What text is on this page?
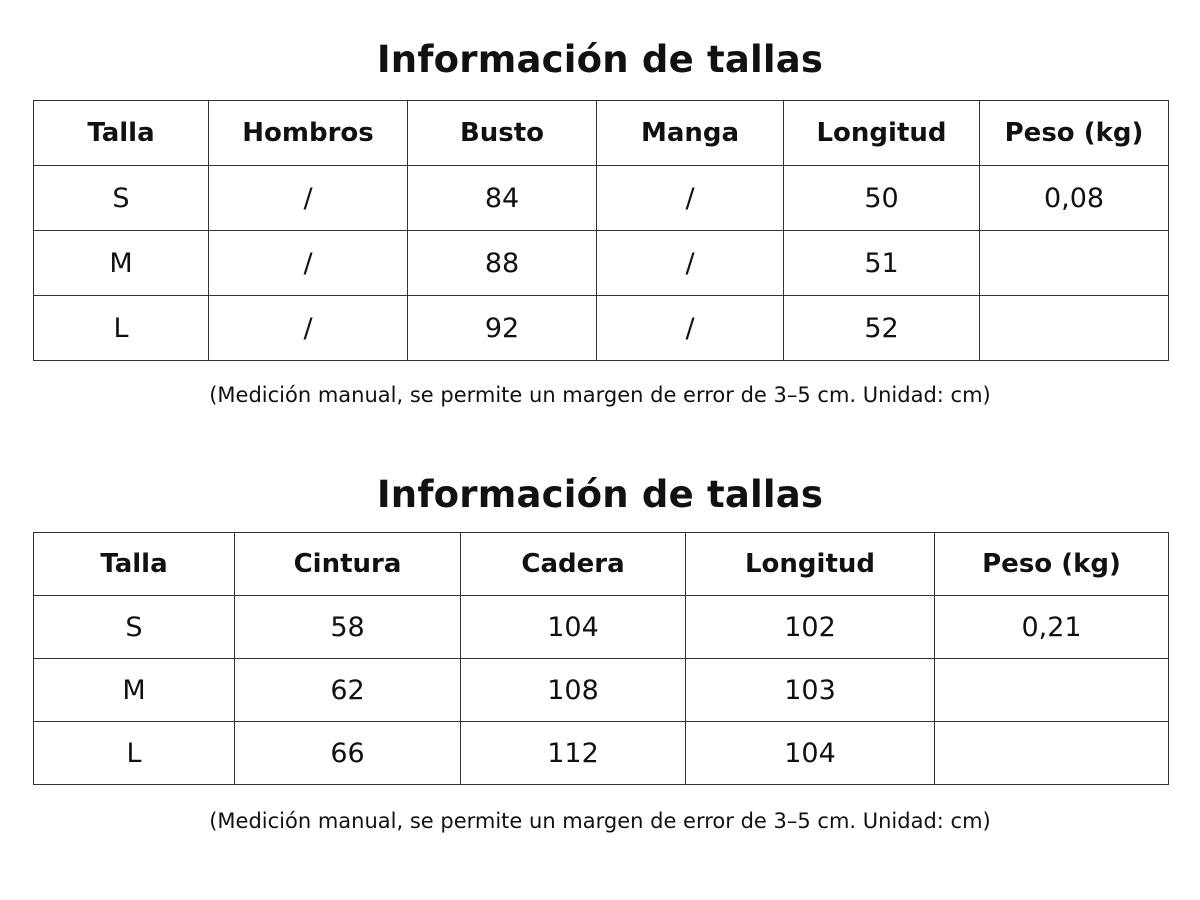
Información de tallas
Talla	Hombros	Busto	Manga	Longitud	Peso (kg)
S	/	84	/	50	0,08
M	/	88	/	51	
L	/	92	/	52	
(Medición manual, se permite un margen de error de 3–5 cm. Unidad: cm)
Información de tallas
Talla	Cintura	Cadera	Longitud	Peso (kg)
S	58	104	102	0,21
M	62	108	103	
L	66	112	104	
(Medición manual, se permite un margen de error de 3–5 cm. Unidad: cm)
